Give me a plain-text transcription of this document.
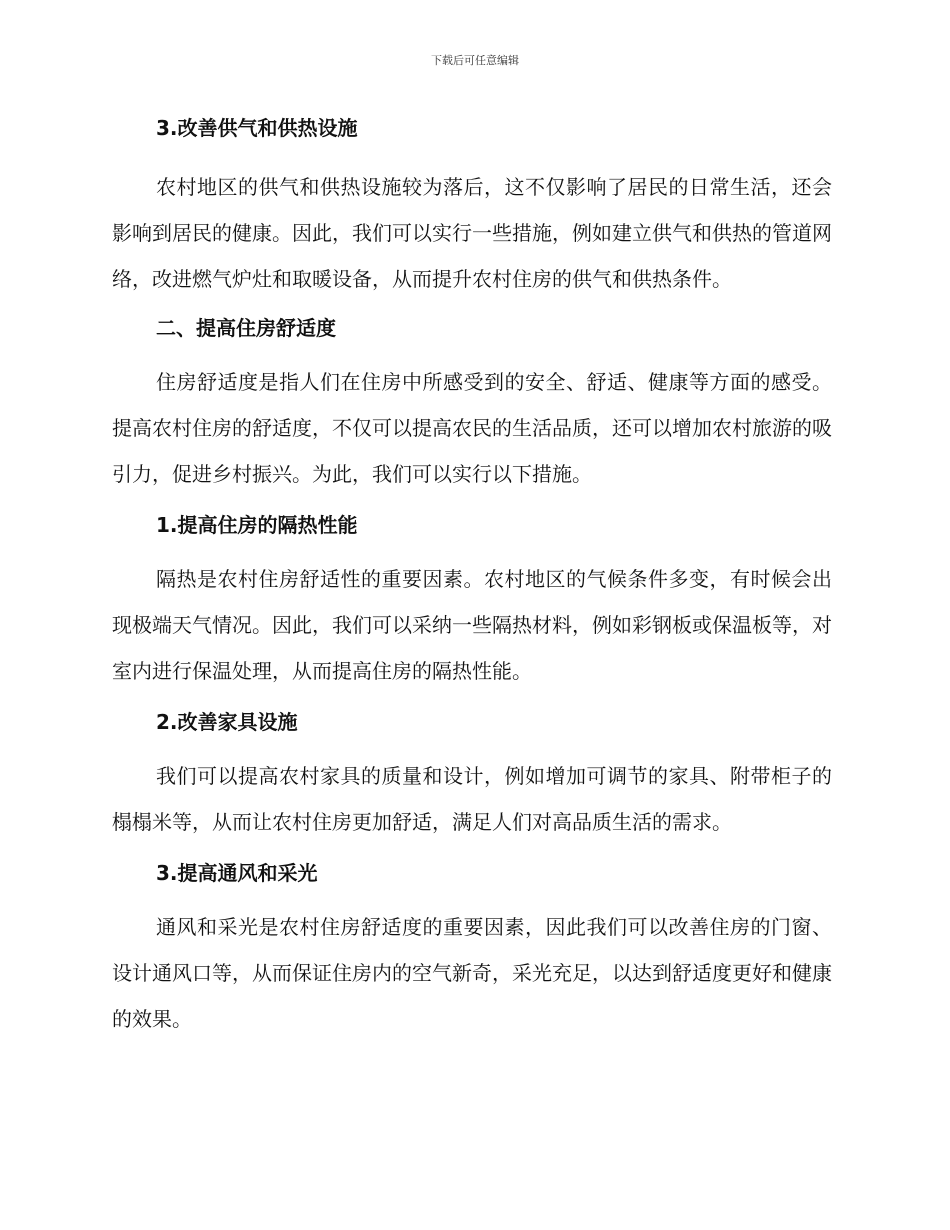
下载后可任意编辑
3.改善供气和供热设施

农村地区的供气和供热设施较为落后，这不仅影响了居民的日常生活，还会影响到居民的健康。因此，我们可以实行一些措施，例如建立供气和供热的管道网络，改进燃气炉灶和取暖设备，从而提升农村住房的供气和供热条件。

二、提高住房舒适度

住房舒适度是指人们在住房中所感受到的安全、舒适、健康等方面的感受。提高农村住房的舒适度，不仅可以提高农民的生活品质，还可以增加农村旅游的吸引力，促进乡村振兴。为此，我们可以实行以下措施。

1.提高住房的隔热性能

隔热是农村住房舒适性的重要因素。农村地区的气候条件多变，有时候会出现极端天气情况。因此，我们可以采纳一些隔热材料，例如彩钢板或保温板等，对室内进行保温处理，从而提高住房的隔热性能。

2.改善家具设施

我们可以提高农村家具的质量和设计，例如增加可调节的家具、附带柜子的榻榻米等，从而让农村住房更加舒适，满足人们对高品质生活的需求。

3.提高通风和采光

通风和采光是农村住房舒适度的重要因素，因此我们可以改善住房的门窗、设计通风口等，从而保证住房内的空气新奇，采光充足，以达到舒适度更好和健康的效果。
